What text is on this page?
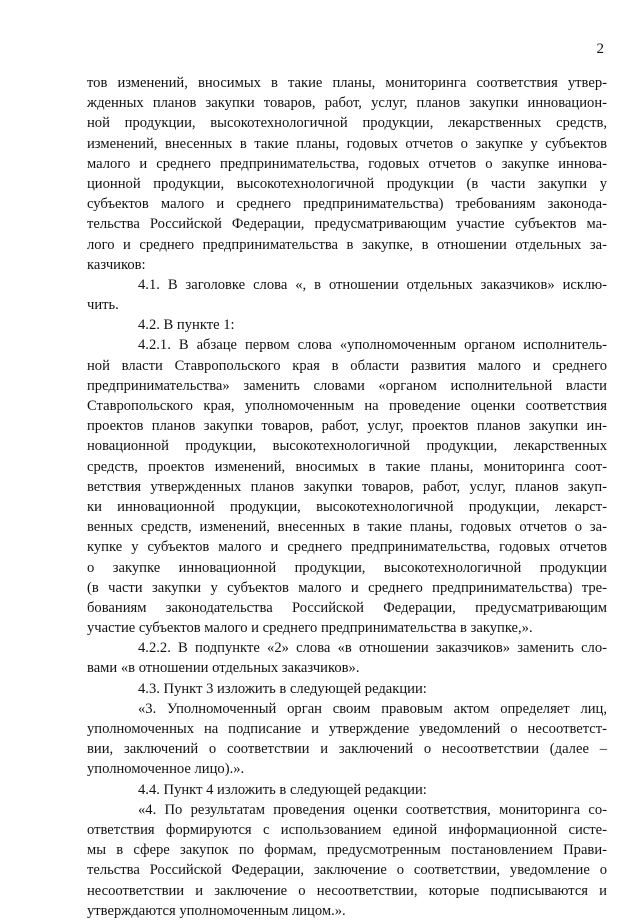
2
тов изменений, вносимых в такие планы, мониторинга соответствия утвер-
жденных планов закупки товаров, работ, услуг, планов закупки инновацион-
ной продукции, высокотехнологичной продукции, лекарственных средств,
изменений, внесенных в такие планы, годовых отчетов о закупке у субъектов
малого и среднего предпринимательства, годовых отчетов о закупке иннова-
ционной продукции, высокотехнологичной продукции (в части закупки у
субъектов малого и среднего предпринимательства) требованиям законода-
тельства Российской Федерации, предусматривающим участие субъектов ма-
лого и среднего предпринимательства в закупке, в отношении отдельных за-
казчиков:
4.1. В заголовке слова «, в отношении отдельных заказчиков» исклю-
чить.
4.2. В пункте 1:
4.2.1. В абзаце первом слова «уполномоченным органом исполнитель-
ной власти Ставропольского края в области развития малого и среднего
предпринимательства» заменить словами «органом исполнительной власти
Ставропольского края, уполномоченным на проведение оценки соответствия
проектов планов закупки товаров, работ, услуг, проектов планов закупки ин-
новационной продукции, высокотехнологичной продукции, лекарственных
средств, проектов изменений, вносимых в такие планы, мониторинга соот-
ветствия утвержденных планов закупки товаров, работ, услуг, планов закуп-
ки инновационной продукции, высокотехнологичной продукции, лекарст-
венных средств, изменений, внесенных в такие планы, годовых отчетов о за-
купке у субъектов малого и среднего предпринимательства, годовых отчетов
о закупке инновационной продукции, высокотехнологичной продукции
(в части закупки у субъектов малого и среднего предпринимательства) тре-
бованиям законодательства Российской Федерации, предусматривающим
участие субъектов малого и среднего предпринимательства в закупке,».
4.2.2. В подпункте «2» слова «в отношении заказчиков» заменить сло-
вами «в отношении отдельных заказчиков».
4.3. Пункт 3 изложить в следующей редакции:
«3. Уполномоченный орган своим правовым актом определяет лиц,
уполномоченных на подписание и утверждение уведомлений о несоответст-
вии, заключений о соответствии и заключений о несоответствии (далее –
уполномоченное лицо).».
4.4. Пункт 4 изложить в следующей редакции:
«4. По результатам проведения оценки соответствия, мониторинга со-
ответствия формируются с использованием единой информационной систе-
мы в сфере закупок по формам, предусмотренным постановлением Прави-
тельства Российской Федерации, заключение о соответствии, уведомление о
несоответствии и заключение о несоответствии, которые подписываются и
утверждаются уполномоченным лицом.».
